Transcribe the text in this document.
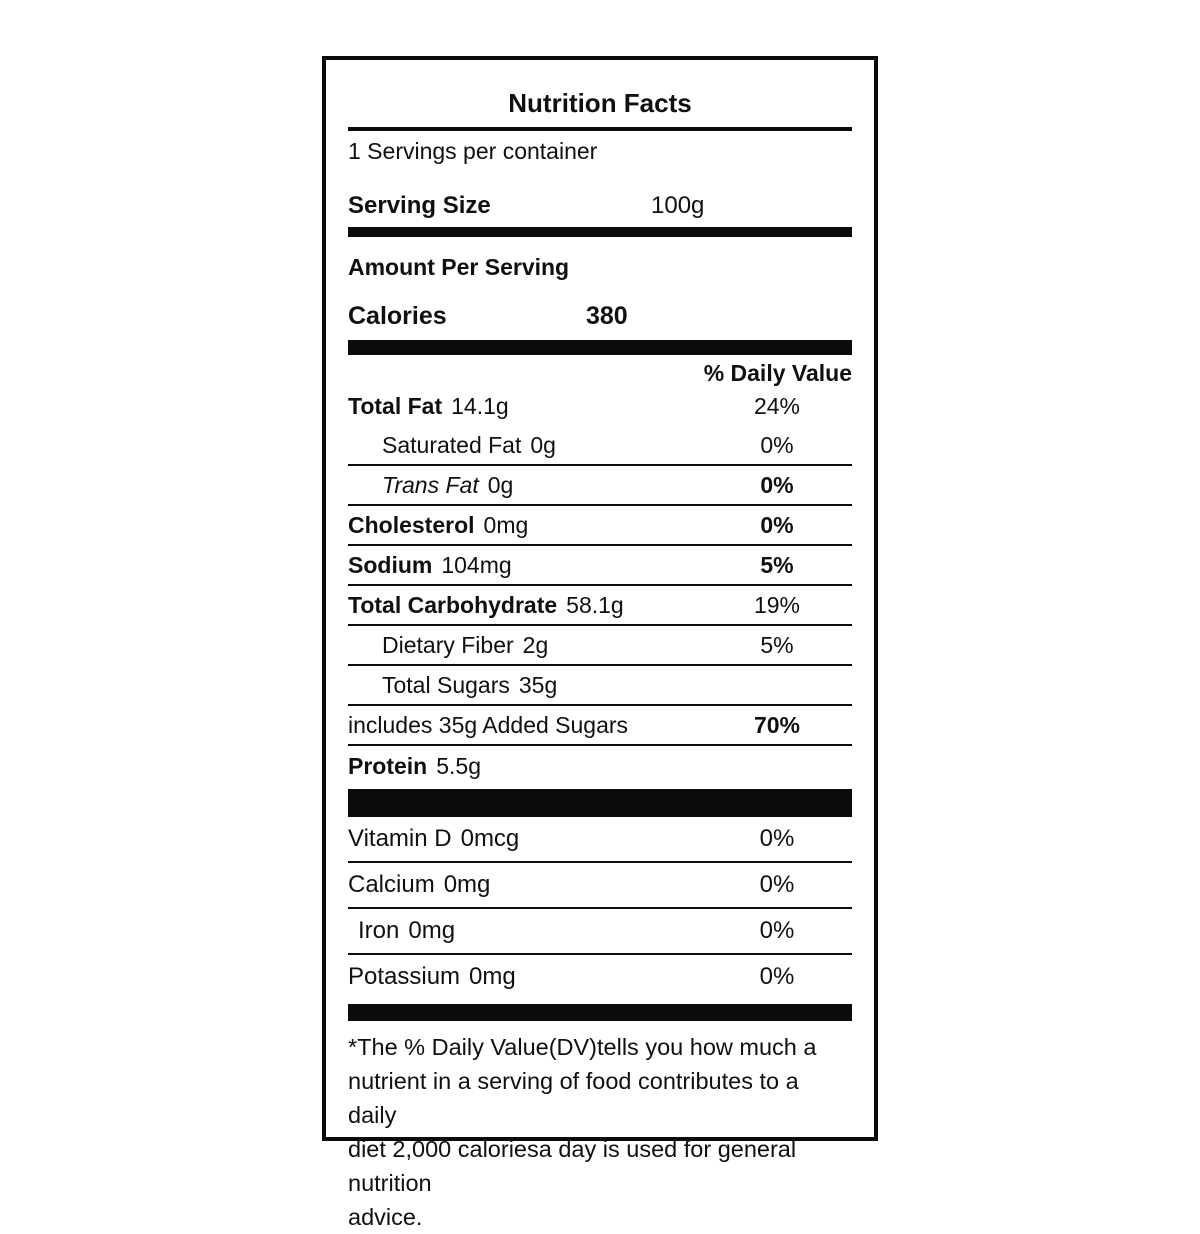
Nutrition Facts
1 Servings per container
Serving Size	100g
Amount Per Serving
Calories	380
% Daily Value
Total Fat 14.1g	24%
Saturated Fat 0g	0%
Trans Fat 0g	0%
Cholesterol 0mg	0%
Sodium 104mg	5%
Total Carbohydrate 58.1g	19%
Dietary Fiber 2g	5%
Total Sugars 35g
includes 35g Added Sugars	70%
Protein 5.5g
Vitamin D 0mcg	0%
Calcium 0mg	0%
Iron 0mg	0%
Potassium 0mg	0%
*The % Daily Value(DV)tells you how much a
nutrient in a serving of food contributes to a daily
diet 2,000 caloriesa day is used for general nutrition
advice.
